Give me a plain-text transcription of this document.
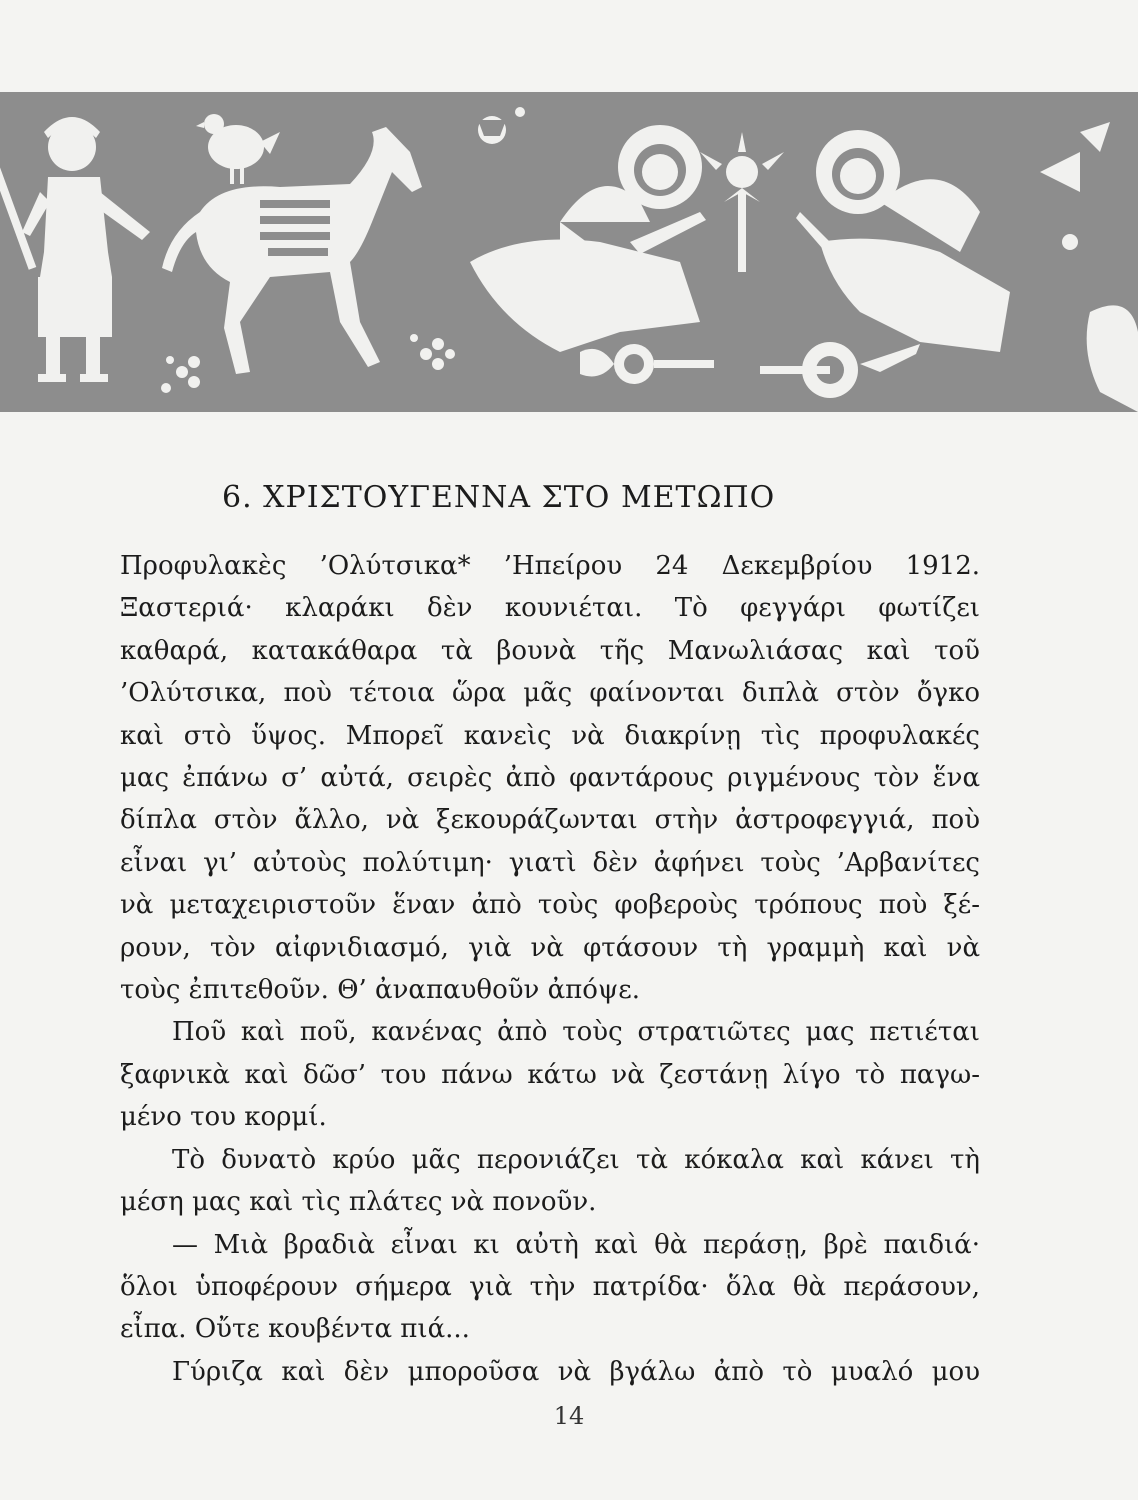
6. ΧΡΙΣΤΟΥΓΕΝΝΑ ΣΤΟ ΜΕΤΩΠΟ
Προφυλακὲς ’Ολύτσικα* ’Ηπείρου 24 Δεκεμβρίου 1912.
Ξαστεριά· κλαράκι δὲν κουνιέται. Τὸ φεγγάρι φωτίζει
καθαρά, κατακάθαρα τὰ βουνὰ τῆς Μανωλιάσας καὶ τοῦ
’Ολύτσικα, ποὺ τέτοια ὥρα μᾶς φαίνονται διπλὰ στὸν ὄγκο
καὶ στὸ ὕψος. Μπορεῖ κανεὶς νὰ διακρίνῃ τὶς προφυλακές
μας ἐπάνω σ’ αὐτά, σειρὲς ἀπὸ φαντάρους ριγμένους τὸν ἕνα
δίπλα στὸν ἄλλο, νὰ ξεκουράζωνται στὴν ἀστροφεγγιά, ποὺ
εἶναι γι’ αὐτοὺς πολύτιμη· γιατὶ δὲν ἀφήνει τοὺς ’Αρβανίτες
νὰ μεταχειριστοῦν ἕναν ἀπὸ τοὺς φοβεροὺς τρόπους ποὺ ξέ-
ρουν, τὸν αἰφνιδιασμό, γιὰ νὰ φτάσουν τὴ γραμμὴ καὶ νὰ
τοὺς ἐπιτεθοῦν. Θ’ ἀναπαυθοῦν ἀπόψε.
Ποῦ καὶ ποῦ, κανένας ἀπὸ τοὺς στρατιῶτες μας πετιέται
ξαφνικὰ καὶ δῶσ’ του πάνω κάτω νὰ ζεστάνῃ λίγο τὸ παγω-
μένο του κορμί.
Τὸ δυνατὸ κρύο μᾶς περονιάζει τὰ κόκαλα καὶ κάνει τὴ
μέση μας καὶ τὶς πλάτες νὰ πονοῦν.
— Μιὰ βραδιὰ εἶναι κι αὐτὴ καὶ θὰ περάσῃ, βρὲ παιδιά·
ὅλοι ὑποφέρουν σήμερα γιὰ τὴν πατρίδα· ὅλα θὰ περάσουν,
εἶπα. Οὔτε κουβέντα πιά...
Γύριζα καὶ δὲν μποροῦσα νὰ βγάλω ἀπὸ τὸ μυαλό μου
14
